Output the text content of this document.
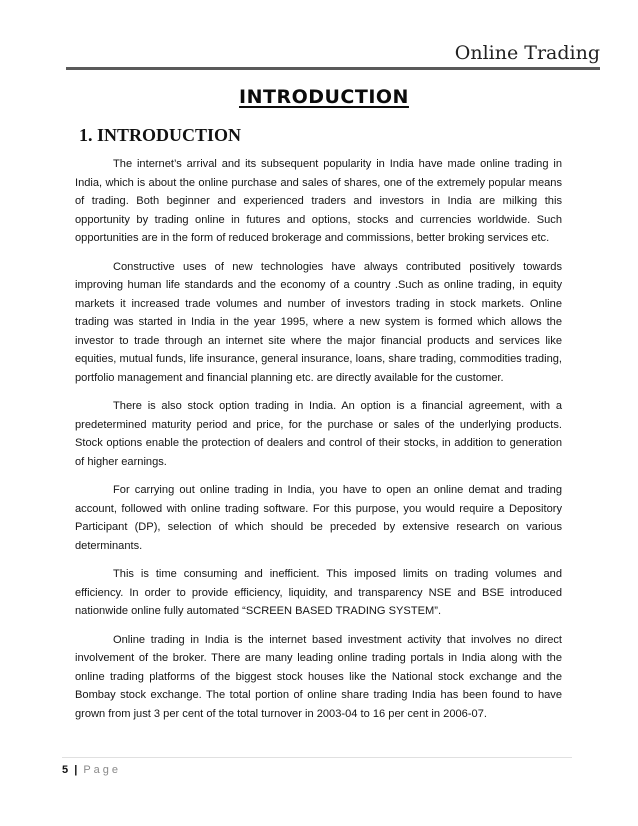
Online Trading
INTRODUCTION
1. INTRODUCTION

The internet’s arrival and its subsequent popularity in India have made online trading in India, which is about the online purchase and sales of shares, one of the extremely popular means of trading. Both beginner and experienced traders and investors in India are milking this opportunity by trading online in futures and options, stocks and currencies worldwide. Such opportunities are in the form of reduced brokerage and commissions, better broking services etc.

Constructive uses of new technologies have always contributed positively towards improving human life standards and the economy of a country .Such as online trading, in equity markets it increased trade volumes and number of investors trading in stock markets. Online trading was started in India in the year 1995, where a new system is formed which allows the investor to trade through an internet site where the major financial products and services like equities, mutual funds, life insurance, general insurance, loans, share trading, commodities trading, portfolio management and financial planning etc. are directly available for the customer.

There is also stock option trading in India. An option is a financial agreement, with a predetermined maturity period and price, for the purchase or sales of the underlying products. Stock options enable the protection of dealers and control of their stocks, in addition to generation of higher earnings.

For carrying out online trading in India, you have to open an online demat and trading account, followed with online trading software. For this purpose, you would require a Depository Participant (DP), selection of which should be preceded by extensive research on various determinants.

This is time consuming and inefficient. This imposed limits on trading volumes and efficiency. In order to provide efficiency, liquidity, and transparency NSE and BSE introduced nationwide online fully automated “SCREEN BASED TRADING SYSTEM”.

Online trading in India is the internet based investment activity that involves no direct involvement of the broker. There are many leading online trading portals in India along with the online trading platforms of the biggest stock houses like the National stock exchange and the Bombay stock exchange. The total portion of online share trading India has been found to have grown from just 3 per cent of the total turnover in 2003-04 to 16 per cent in 2006-07.

5 | Page
